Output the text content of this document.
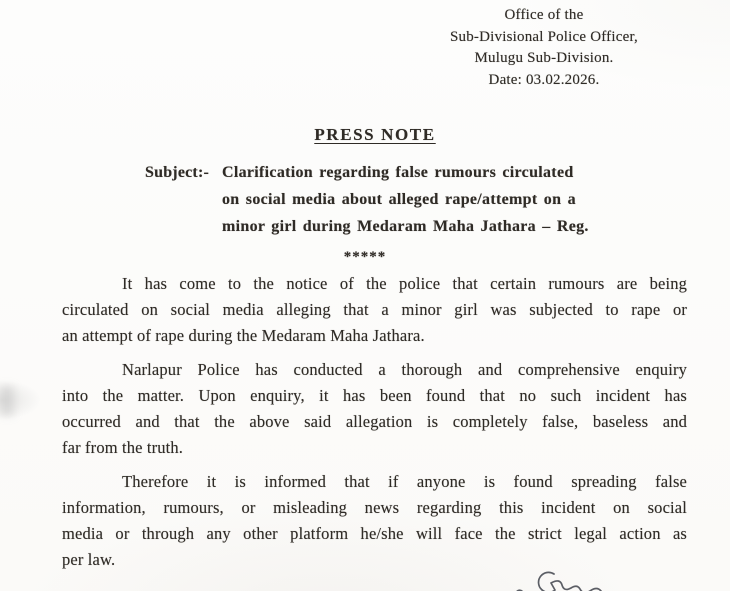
Office of the
Sub-Divisional Police Officer,
Mulugu Sub-Division.
Date: 03.02.2026.
PRESS NOTE
Subject:- Clarification regarding false rumours circulated
on social media about alleged rape/attempt on a
minor girl during Medaram Maha Jathara – Reg.
*****
It has come to the notice of the police that certain rumours are being
circulated on social media alleging that a minor girl was subjected to rape or
an attempt of rape during the Medaram Maha Jathara.
Narlapur Police has conducted a thorough and comprehensive enquiry
into the matter. Upon enquiry, it has been found that no such incident has
occurred and that the above said allegation is completely false, baseless and
far from the truth.
Therefore it is informed that if anyone is found spreading false
information, rumours, or misleading news regarding this incident on social
media or through any other platform he/she will face the strict legal action as
per law.
